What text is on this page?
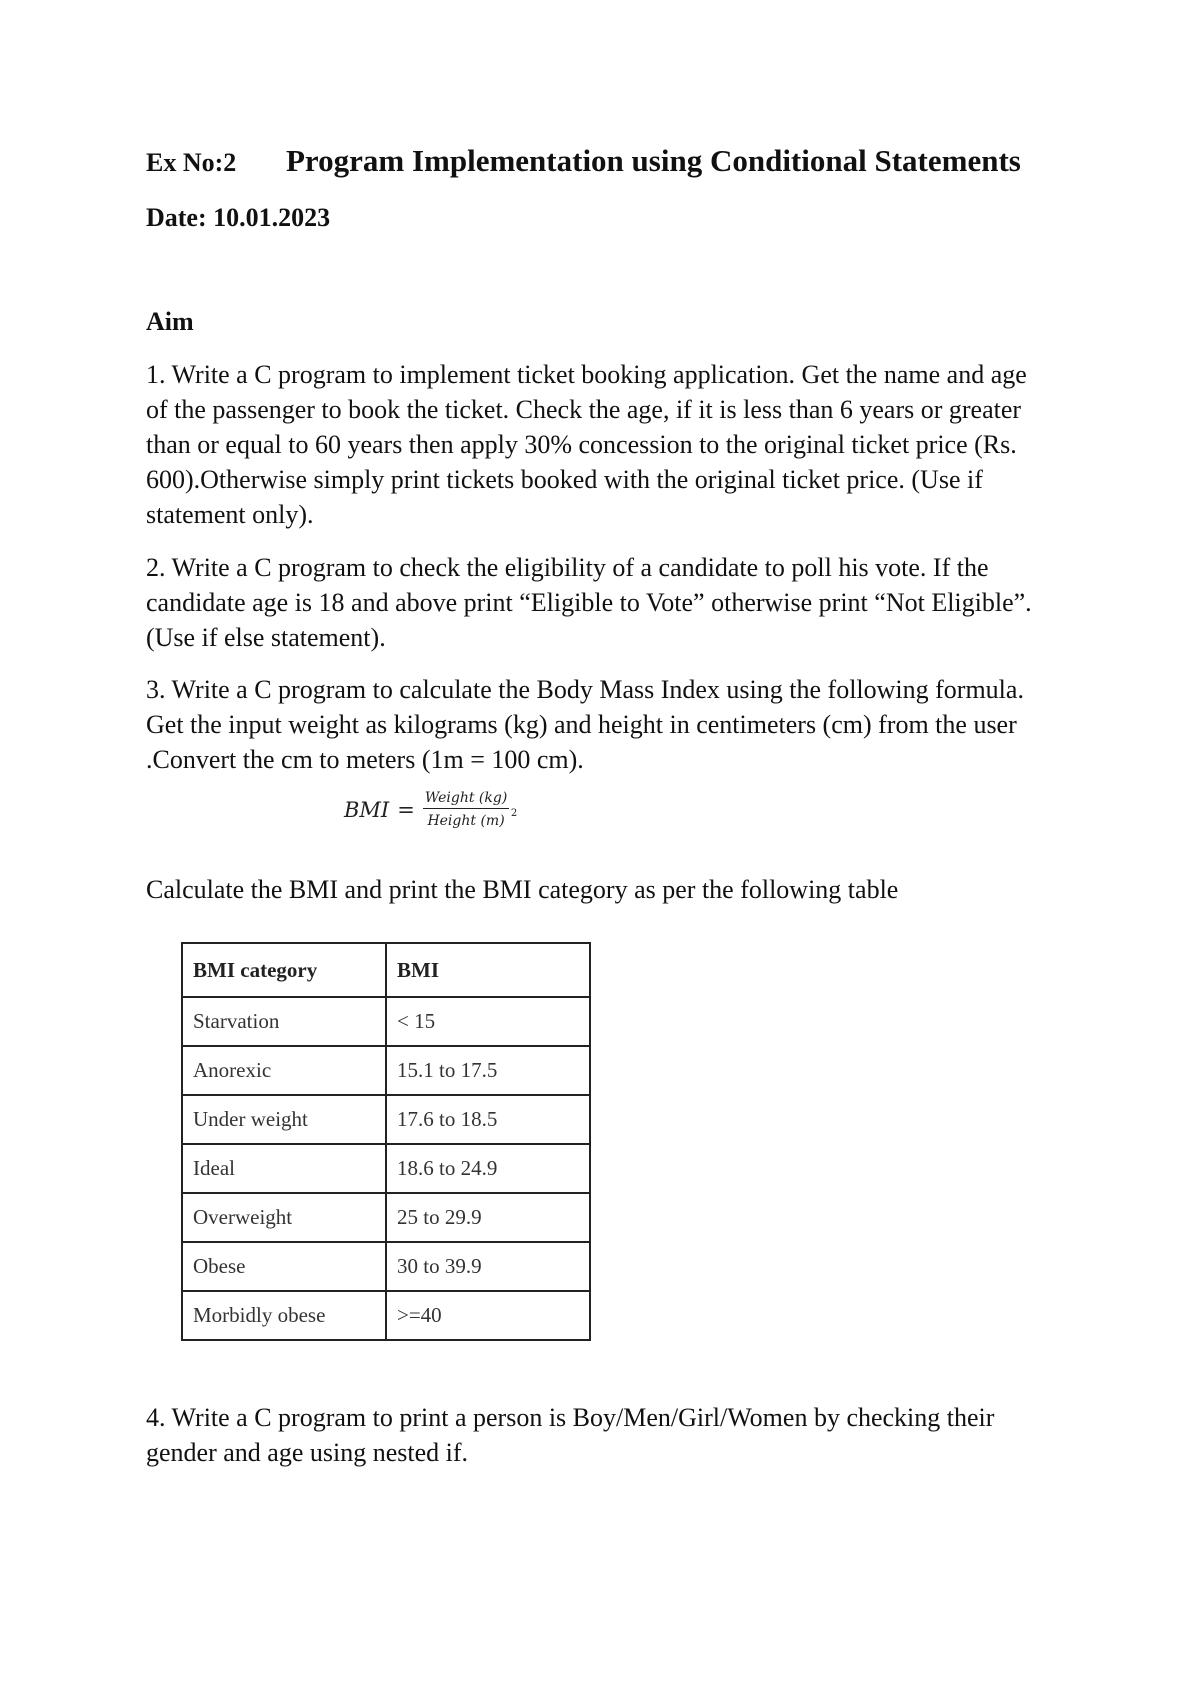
Ex No:2 Program Implementation using Conditional Statements
Date: 10.01.2023
Aim
1. Write a C program to implement ticket booking application. Get the name and age of the passenger to book the ticket. Check the age, if it is less than 6 years or greater than or equal to 60 years then apply 30% concession to the original ticket price (Rs. 600).Otherwise simply print tickets booked with the original ticket price. (Use if statement only).
2. Write a C program to check the eligibility of a candidate to poll his vote. If the candidate age is 18 and above print “Eligible to Vote” otherwise print “Not Eligible”. (Use if else statement).
3. Write a C program to calculate the Body Mass Index using the following formula. Get the input weight as kilograms (kg) and height in centimeters (cm) from the user .Convert the cm to meters (1m = 100 cm).
BMI = Weight (kg)
Height (m) 2
Calculate the BMI and print the BMI category as per the following table
BMI category	BMI
Starvation	< 15
Anorexic	15.1 to 17.5
Under weight	17.6 to 18.5
Ideal	18.6 to 24.9
Overweight	25 to 29.9
Obese	30 to 39.9
Morbidly obese	>=40
4. Write a C program to print a person is Boy/Men/Girl/Women by checking their gender and age using nested if.
